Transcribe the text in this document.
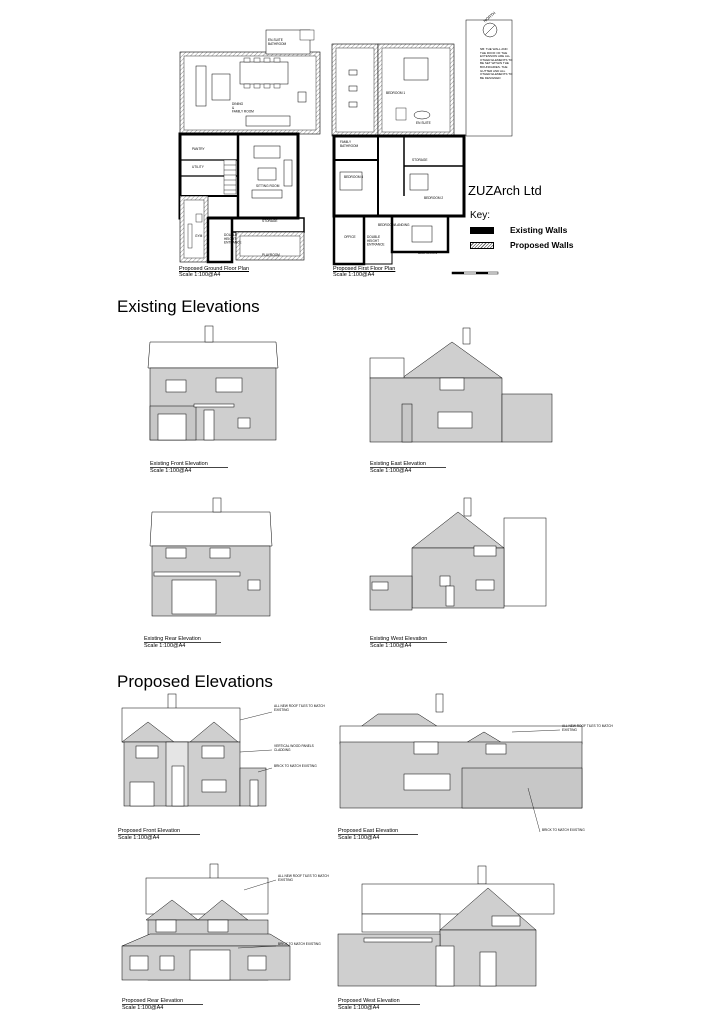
EN-SUITE BATHROOM
DINING & FAMILY ROOM
PANTRY
UTILITY
SITTING ROOM
STORAGE
GYM	DOUBLE HEIGHT ENTRANCE
PLAYROOM
BEDROOM 1
EN SUITE
FAMILY BATHROOM
STORAGE
BEDROOM 4
BEDROOM 2
BEDROOM/LANDING
OFFICE	DOUBLE HEIGHT ENTRANCE
BEDROOM 3
NB: THE WALL AND THE ROOF OF THE EXTENSION ARE ALL OTHER ELEMENTS TO BE SET WITHIN THE BOUNDARIES. THE GUTTER AND ALL OTHER ELEMENTS TO BE DESIGNED
NORTH
Proposed Ground Floor Plan
Scale 1:100@A4
Proposed First Floor Plan
Scale 1:100@A4
ZUZArch Ltd
Key:
Existing Walls
Proposed Walls
Existing Elevations
Proposed Elevations
ALL NEW ROOF TILES TO MATCH EXISTING
VERTICAL WOOD PANELS CLADDING
BRICK TO MATCH EXISTING
ALL NEW ROOF TILES TO MATCH EXISTING
BRICK TO MATCH EXISTING
ALL NEW ROOF TILES TO MATCH EXISTING
BRICK TO MATCH EXISTING
Existing Front Elevation
Scale 1:100@A4
Existing East Elevation
Scale 1:100@A4
Existing Rear Elevation
Scale 1:100@A4
Existing West Elevation
Scale 1:100@A4
Proposed Front Elevation
Scale 1:100@A4
Proposed East Elevation
Scale 1:100@A4
Proposed Rear Elevation
Scale 1:100@A4
Proposed West Elevation
Scale 1:100@A4
